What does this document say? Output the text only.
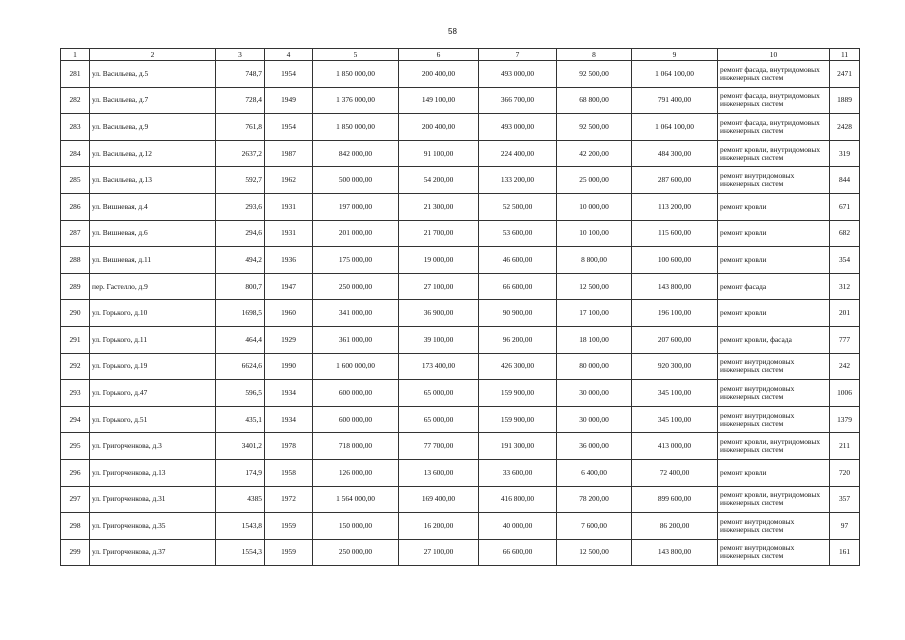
58
1	2	3	4	5	6	7	8	9	10	11
281	ул. Васильева, д.5	748,7	1954	1 850 000,00	200 400,00	493 000,00	92 500,00	1 064 100,00	ремонт фасада, внутридомовых инженерных систем	2471
282	ул. Васильева, д.7	728,4	1949	1 376 000,00	149 100,00	366 700,00	68 800,00	791 400,00	ремонт фасада, внутридомовых инженерных систем	1889
283	ул. Васильева, д.9	761,8	1954	1 850 000,00	200 400,00	493 000,00	92 500,00	1 064 100,00	ремонт фасада, внутридомовых инженерных систем	2428
284	ул. Васильева, д.12	2637,2	1987	842 000,00	91 100,00	224 400,00	42 200,00	484 300,00	ремонт кровли, внутридомовых инженерных систем	319
285	ул. Васильева, д.13	592,7	1962	500 000,00	54 200,00	133 200,00	25 000,00	287 600,00	ремонт внутридомовых инженерных систем	844
286	ул. Вишневая, д.4	293,6	1931	197 000,00	21 300,00	52 500,00	10 000,00	113 200,00	ремонт кровли	671
287	ул. Вишневая, д.6	294,6	1931	201 000,00	21 700,00	53 600,00	10 100,00	115 600,00	ремонт кровли	682
288	ул. Вишневая, д.11	494,2	1936	175 000,00	19 000,00	46 600,00	8 800,00	100 600,00	ремонт кровли	354
289	пер. Гастелло, д.9	800,7	1947	250 000,00	27 100,00	66 600,00	12 500,00	143 800,00	ремонт фасада	312
290	ул. Горького, д.10	1698,5	1960	341 000,00	36 900,00	90 900,00	17 100,00	196 100,00	ремонт кровли	201
291	ул. Горького, д.11	464,4	1929	361 000,00	39 100,00	96 200,00	18 100,00	207 600,00	ремонт кровли, фасада	777
292	ул. Горького, д.19	6624,6	1990	1 600 000,00	173 400,00	426 300,00	80 000,00	920 300,00	ремонт внутридомовых инженерных систем	242
293	ул. Горького, д.47	596,5	1934	600 000,00	65 000,00	159 900,00	30 000,00	345 100,00	ремонт внутридомовых инженерных систем	1006
294	ул. Горького, д.51	435,1	1934	600 000,00	65 000,00	159 900,00	30 000,00	345 100,00	ремонт внутридомовых инженерных систем	1379
295	ул. Григорченкова, д.3	3401,2	1978	718 000,00	77 700,00	191 300,00	36 000,00	413 000,00	ремонт кровли, внутридомовых инженерных систем	211
296	ул. Григорченкова, д.13	174,9	1958	126 000,00	13 600,00	33 600,00	6 400,00	72 400,00	ремонт кровли	720
297	ул. Григорченкова, д.31	4385	1972	1 564 000,00	169 400,00	416 800,00	78 200,00	899 600,00	ремонт кровли, внутридомовых инженерных систем	357
298	ул. Григорченкова, д.35	1543,8	1959	150 000,00	16 200,00	40 000,00	7 600,00	86 200,00	ремонт внутридомовых инженерных систем	97
299	ул. Григорченкова, д.37	1554,3	1959	250 000,00	27 100,00	66 600,00	12 500,00	143 800,00	ремонт внутридомовых инженерных систем	161
